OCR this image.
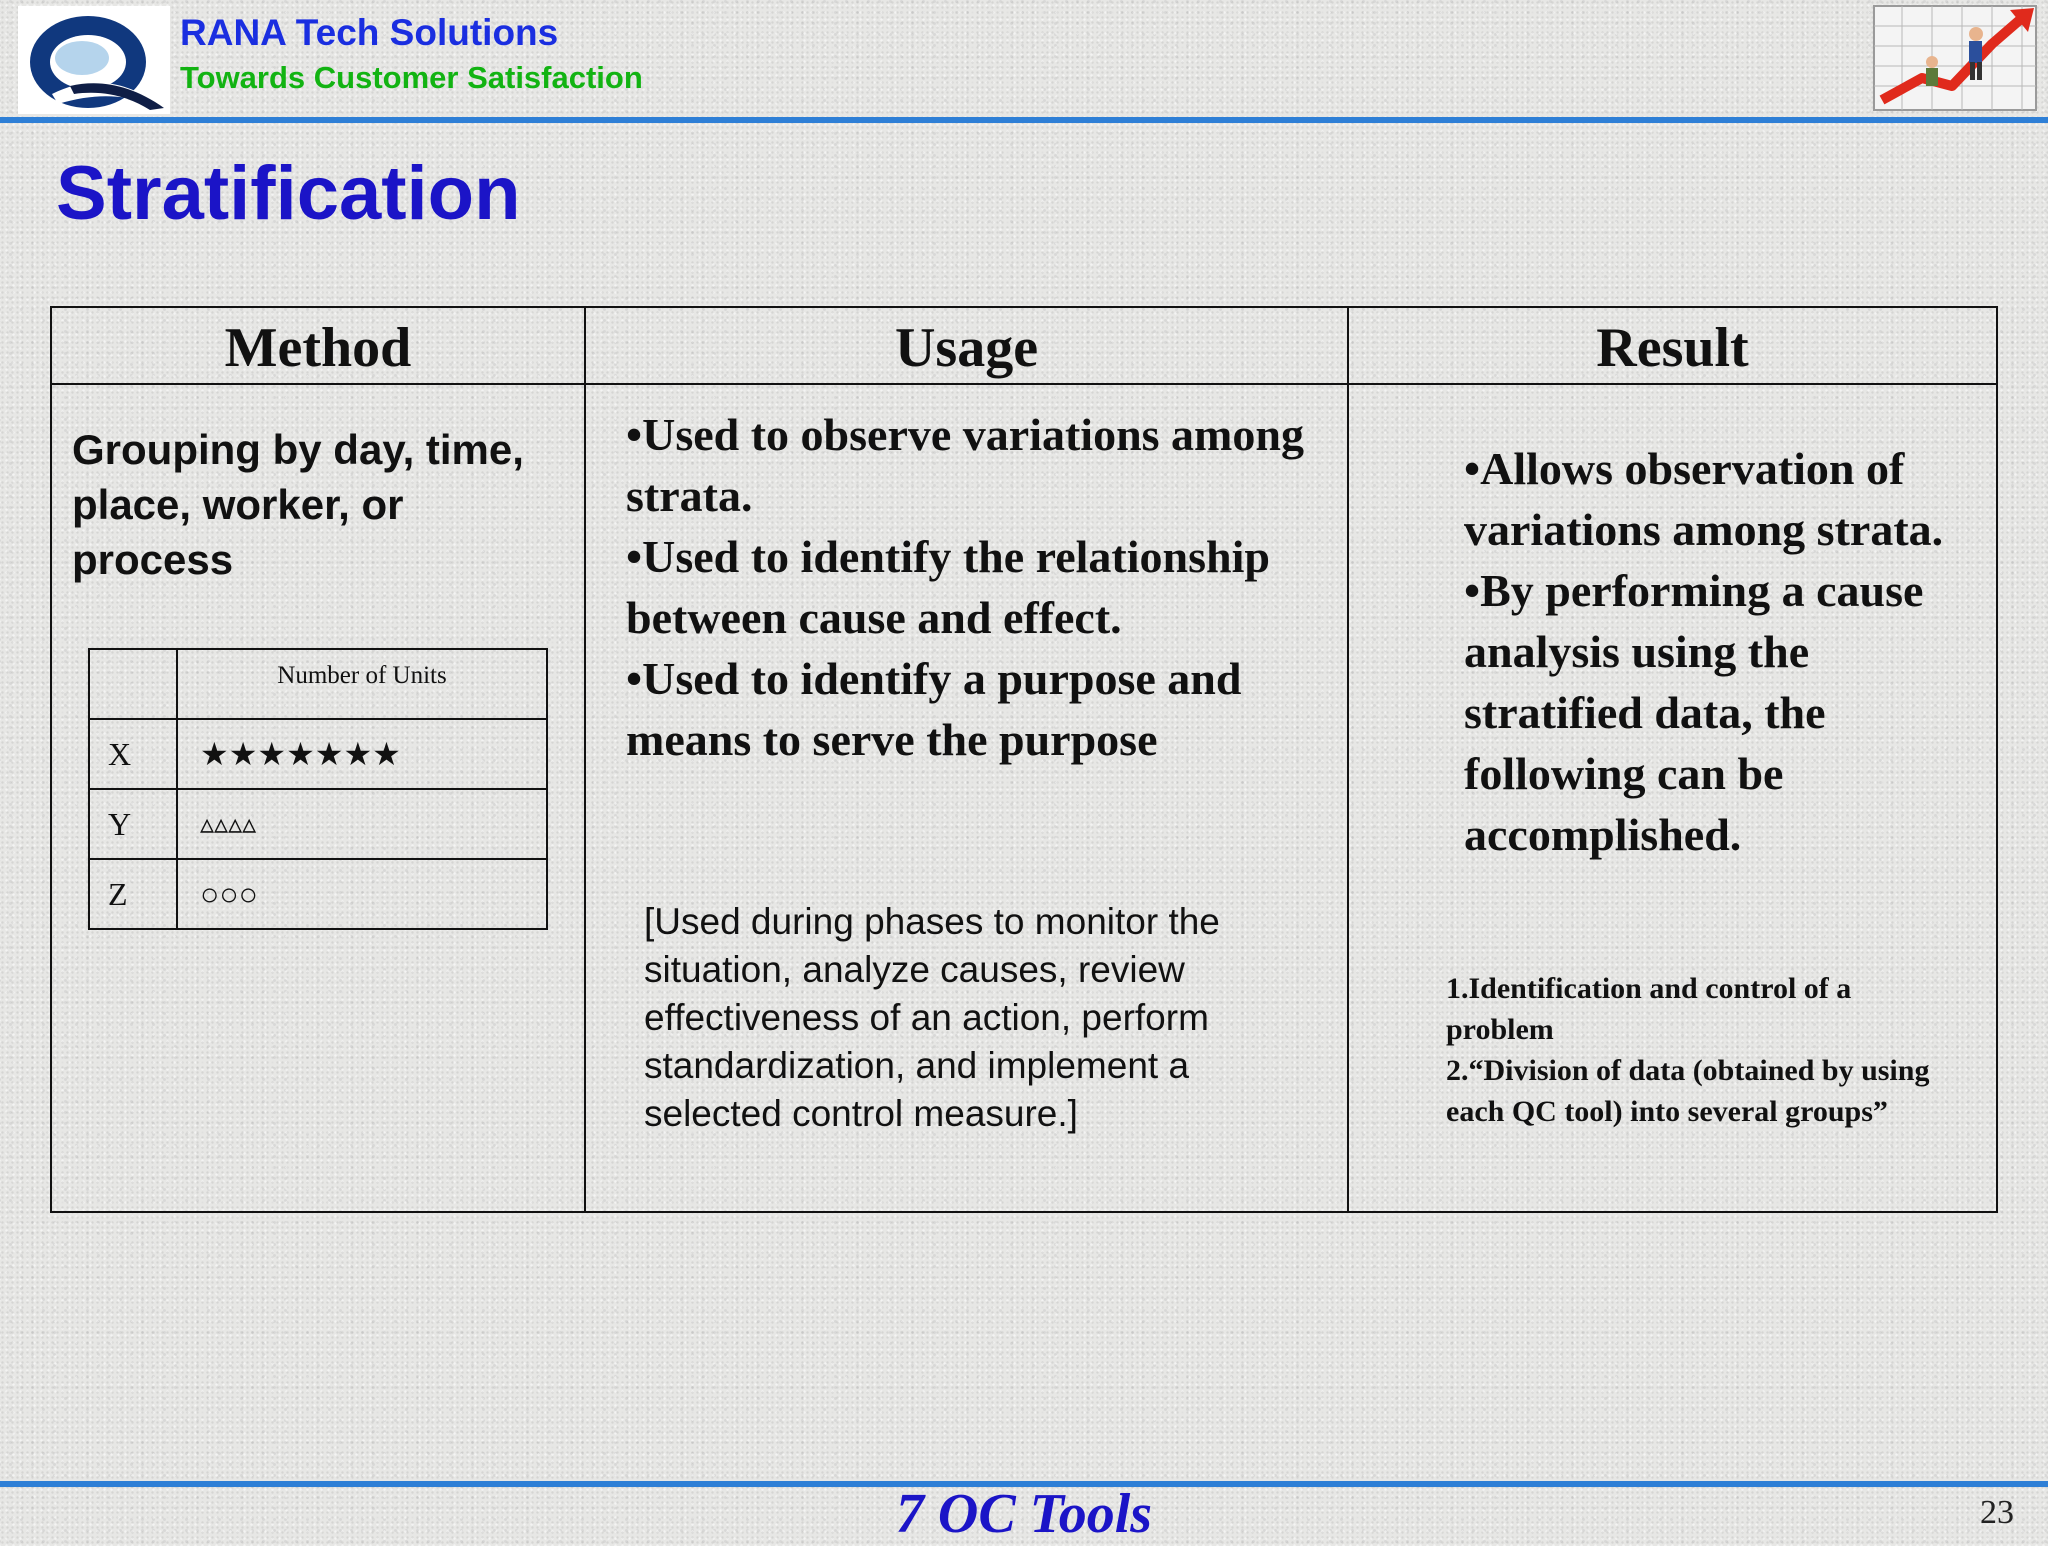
RANA Tech Solutions
Towards Customer Satisfaction
Stratification
Method	Usage	Result
Grouping by day, time, place, worker, or process
	Number of Units
X	★★★★★★★
Y	▵▵▵▵
Z	○○○
•Used to observe variations among strata.
•Used to identify the relationship between cause and effect.
•Used to identify a purpose and means to serve the purpose
[Used during phases to monitor the situation, analyze causes, review effectiveness of an action, perform standardization, and implement a selected control measure.]
•Allows observation of variations among strata.
•By performing a cause analysis using the stratified data, the following can be accomplished.
1.Identification and control of a problem
2.“Division of data (obtained by using each QC tool) into several groups”
7 OC Tools	23
